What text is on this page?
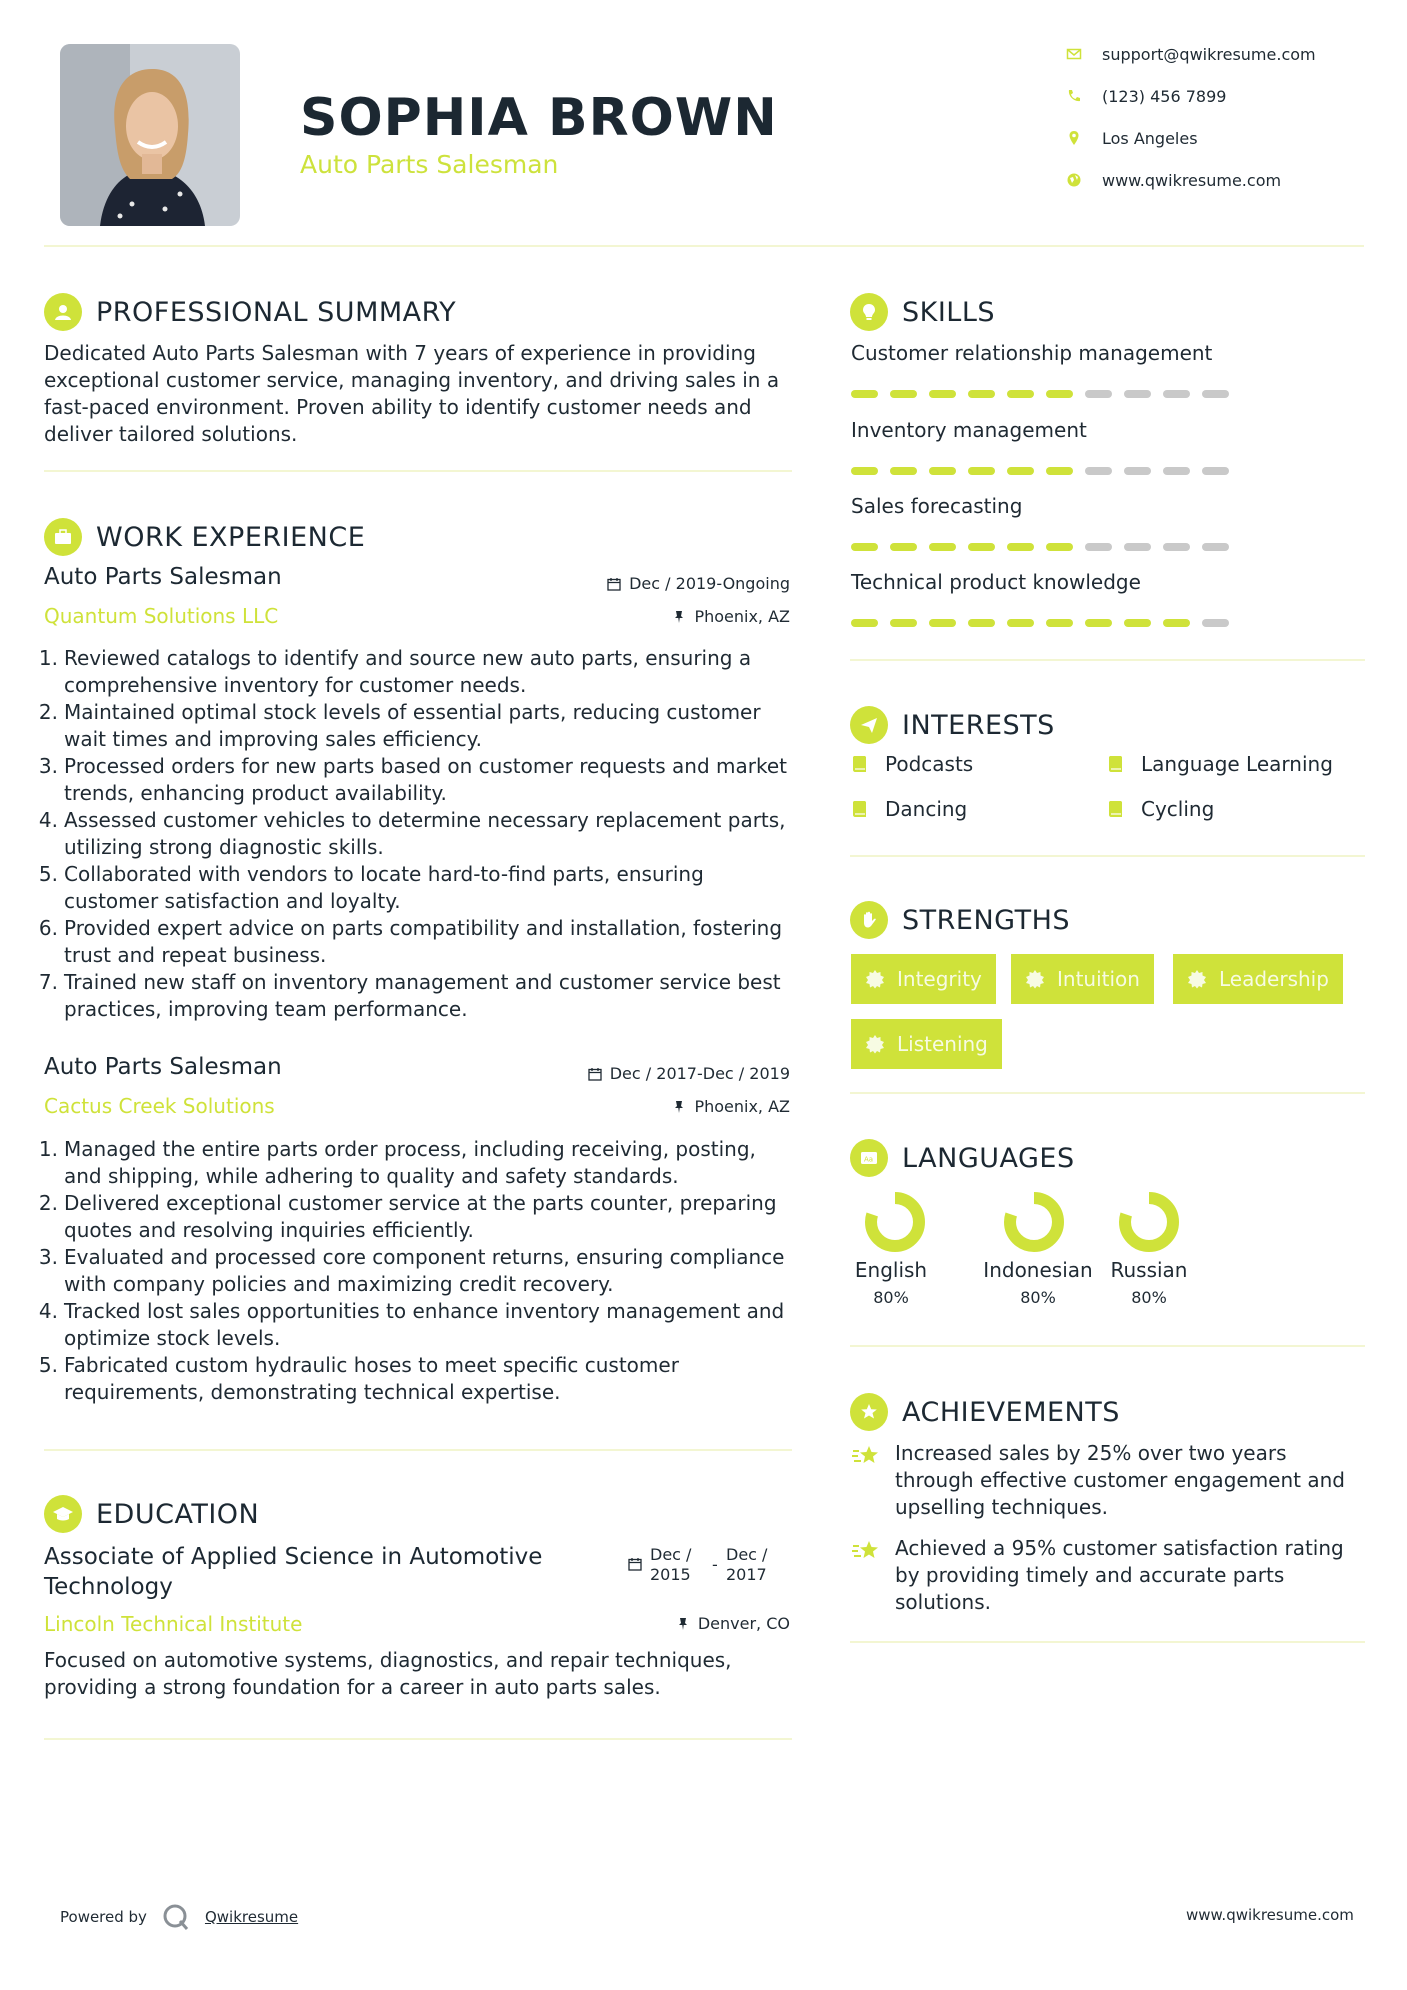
SOPHIA BROWN
Auto Parts Salesman
support@qwikresume.com
(123) 456 7899
Los Angeles
www.qwikresume.com
PROFESSIONAL SUMMARY
Dedicated Auto Parts Salesman with 7 years of experience in providing exceptional customer service, managing inventory, and driving sales in a fast-paced environment. Proven ability to identify customer needs and deliver tailored solutions.
WORK EXPERIENCE
Auto Parts Salesman	Dec / 2019-Ongoing
Quantum Solutions LLC	Phoenix, AZ
1. Reviewed catalogs to identify and source new auto parts, ensuring a comprehensive inventory for customer needs.
2. Maintained optimal stock levels of essential parts, reducing customer wait times and improving sales efficiency.
3. Processed orders for new parts based on customer requests and market trends, enhancing product availability.
4. Assessed customer vehicles to determine necessary replacement parts, utilizing strong diagnostic skills.
5. Collaborated with vendors to locate hard-to-find parts, ensuring customer satisfaction and loyalty.
6. Provided expert advice on parts compatibility and installation, fostering trust and repeat business.
7. Trained new staff on inventory management and customer service best practices, improving team performance.
Auto Parts Salesman	Dec / 2017-Dec / 2019
Cactus Creek Solutions	Phoenix, AZ
1. Managed the entire parts order process, including receiving, posting, and shipping, while adhering to quality and safety standards.
2. Delivered exceptional customer service at the parts counter, preparing quotes and resolving inquiries efficiently.
3. Evaluated and processed core component returns, ensuring compliance with company policies and maximizing credit recovery.
4. Tracked lost sales opportunities to enhance inventory management and optimize stock levels.
5. Fabricated custom hydraulic hoses to meet specific customer requirements, demonstrating technical expertise.
EDUCATION
Associate of Applied Science in Automotive Technology
Dec / 2015
-
Dec / 2017
Lincoln Technical Institute	Denver, CO
Focused on automotive systems, diagnostics, and repair techniques, providing a strong foundation for a career in auto parts sales.
SKILLS
Customer relationship management
Inventory management
Sales forecasting
Technical product knowledge
INTERESTS
Podcasts	Language Learning
Dancing	Cycling
STRENGTHS
Integrity	Intuition	Leadership
Listening
Aa LANGUAGES
English
80%
Indonesian
80%
Russian
80%
ACHIEVEMENTS
Increased sales by 25% over two years through effective customer engagement and upselling techniques.
Achieved a 95% customer satisfaction rating by providing timely and accurate parts solutions.
Powered by	Qwikresume	www.qwikresume.com
